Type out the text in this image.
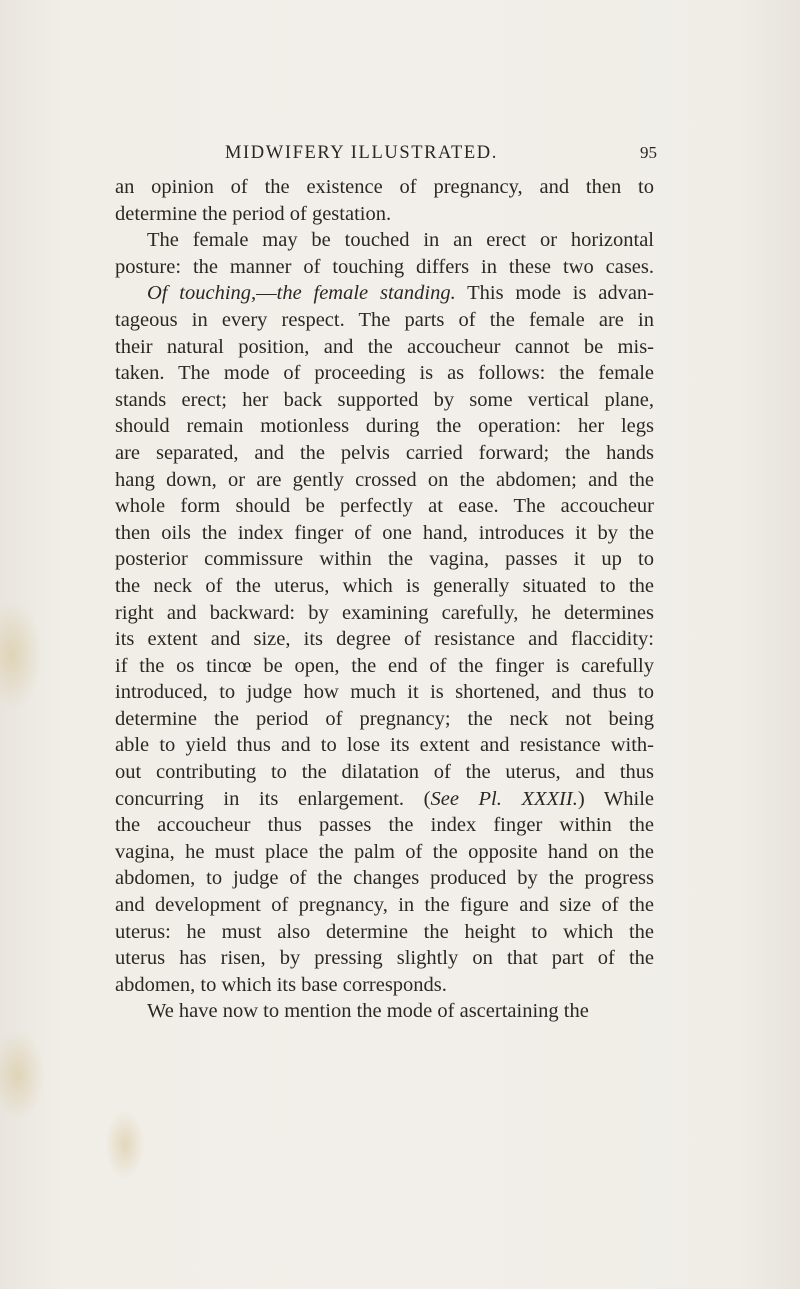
MIDWIFERY ILLUSTRATED.	95
an opinion of the existence of pregnancy, and then to
determine the period of gestation.
The female may be touched in an erect or horizontal
posture: the manner of touching differs in these two cases.
Of touching,—the female standing. This mode is advan-
tageous in every respect. The parts of the female are in
their natural position, and the accoucheur cannot be mis-
taken. The mode of proceeding is as follows: the female
stands erect; her back supported by some vertical plane,
should remain motionless during the operation: her legs
are separated, and the pelvis carried forward; the hands
hang down, or are gently crossed on the abdomen; and the
whole form should be perfectly at ease. The accoucheur
then oils the index finger of one hand, introduces it by the
posterior commissure within the vagina, passes it up to
the neck of the uterus, which is generally situated to the
right and backward: by examining carefully, he determines
its extent and size, its degree of resistance and flaccidity:
if the os tincœ be open, the end of the finger is carefully
introduced, to judge how much it is shortened, and thus to
determine the period of pregnancy; the neck not being
able to yield thus and to lose its extent and resistance with-
out contributing to the dilatation of the uterus, and thus
concurring in its enlargement. (See Pl. XXXII.) While
the accoucheur thus passes the index finger within the
vagina, he must place the palm of the opposite hand on the
abdomen, to judge of the changes produced by the progress
and development of pregnancy, in the figure and size of the
uterus: he must also determine the height to which the
uterus has risen, by pressing slightly on that part of the
abdomen, to which its base corresponds.
We have now to mention the mode of ascertaining the
